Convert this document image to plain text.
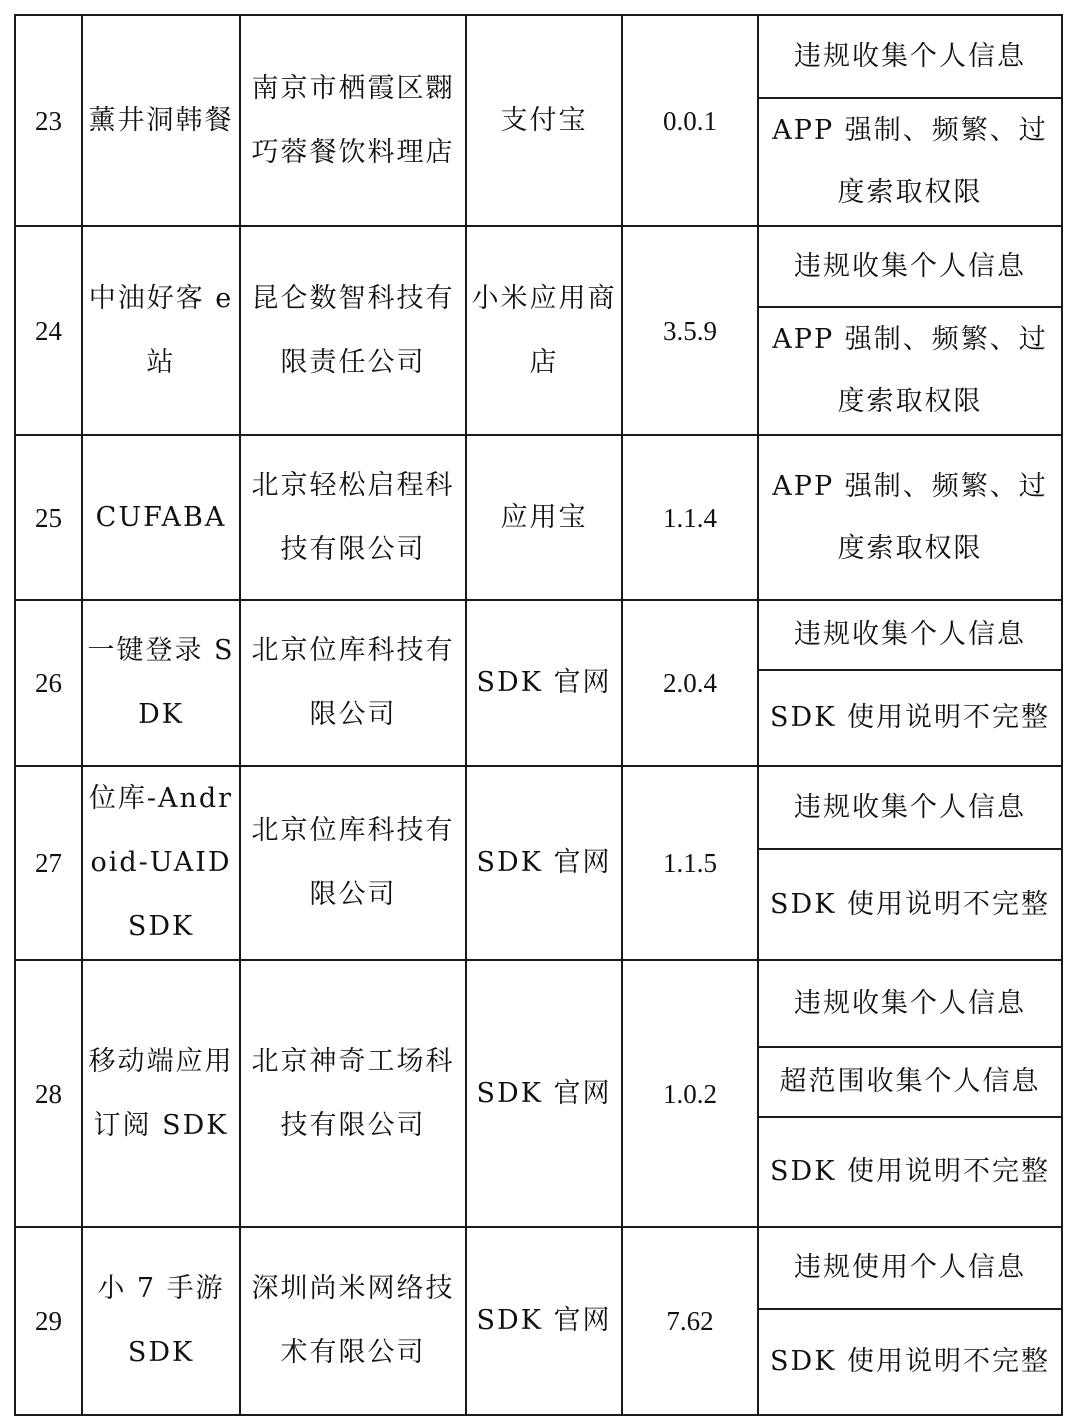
23	薰井洞韩餐	南京市栖霞区翾巧蓉餐饮料理店	支付宝	0.0.1	违规收集个人信息
					APP 强制、频繁、过度索取权限
24	中油好客 e 站	昆仑数智科技有限责任公司	小米应用商店	3.5.9	违规收集个人信息
					APP 强制、频繁、过度索取权限
25	CUFABA	北京轻松启程科技有限公司	应用宝	1.1.4	APP 强制、频繁、过度索取权限
26	一键登录 SDK	北京位库科技有限公司	SDK 官网	2.0.4	违规收集个人信息
					SDK 使用说明不完整
27	位库-Android-UAID SDK	北京位库科技有限公司	SDK 官网	1.1.5	违规收集个人信息
					SDK 使用说明不完整
28	移动端应用订阅 SDK	北京神奇工场科技有限公司	SDK 官网	1.0.2	违规收集个人信息
					超范围收集个人信息
					SDK 使用说明不完整
29	小 7 手游 SDK	深圳尚米网络技术有限公司	SDK 官网	7.62	违规使用个人信息
					SDK 使用说明不完整
